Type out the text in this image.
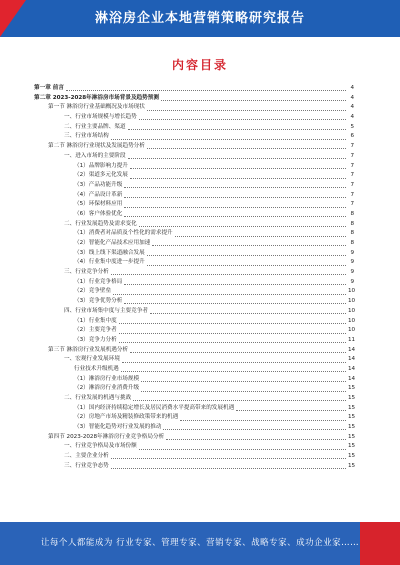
淋浴房企业本地营销策略研究报告
内容目录
第一章 前言	4
第二章 2023-2028年淋浴房市场背景及趋势预测	4
第一节 淋浴房行业基础概况及市场现状	4
一、行业市场规模与增长趋势	4
二、行业主要品牌、渠道	5
三、行业市场结构	6
第二节 淋浴房行业现状及发展趋势分析	7
一、进入市场的主要阶段	7
（1）品牌影响力提升	7
（2）渠道多元化发展	7
（3）产品功能升级	7
（4）产品设计革新	7
（5）环保材料应用	7
（6）客户体验优化	8
二、行业发展趋势及需求变化	8
（1）消费者对品质及个性化的需求提升	8
（2）智能化产品技术应用加速	8
（3）线上线下渠道融合发展	9
（4）行业集中度进一步提升	9
三、行业竞争分析	9
（1）行业竞争格局	9
（2）竞争壁垒	10
（3）竞争优势分析	10
四、行业市场集中度与主要竞争者	10
（1）行业集中度	10
（2）主要竞争者	10
（3）竞争力分析	11
第三节 淋浴房行业发展机遇分析	14
一、宏观行业发展环境	14
行业技术升级机遇	14
（1）淋浴房行业市场规模	14
（2）淋浴房行业消费升级	15
二、行业发展的机遇与挑战	15
（1）国内经济持续稳定增长及居民消费水平提高带来的发展机遇	15
（2）房地产市场及精装修政策带来的机遇	15
（3）智能化趋势对行业发展的推动	15
第四节 2023-2028年淋浴房行业竞争格局分析	15
一、行业竞争格局及市场份额	15
二、主要企业分析	15
三、行业竞争态势	15
让每个人都能成为 行业专家、管理专家、营销专家、战略专家、成功企业家……
